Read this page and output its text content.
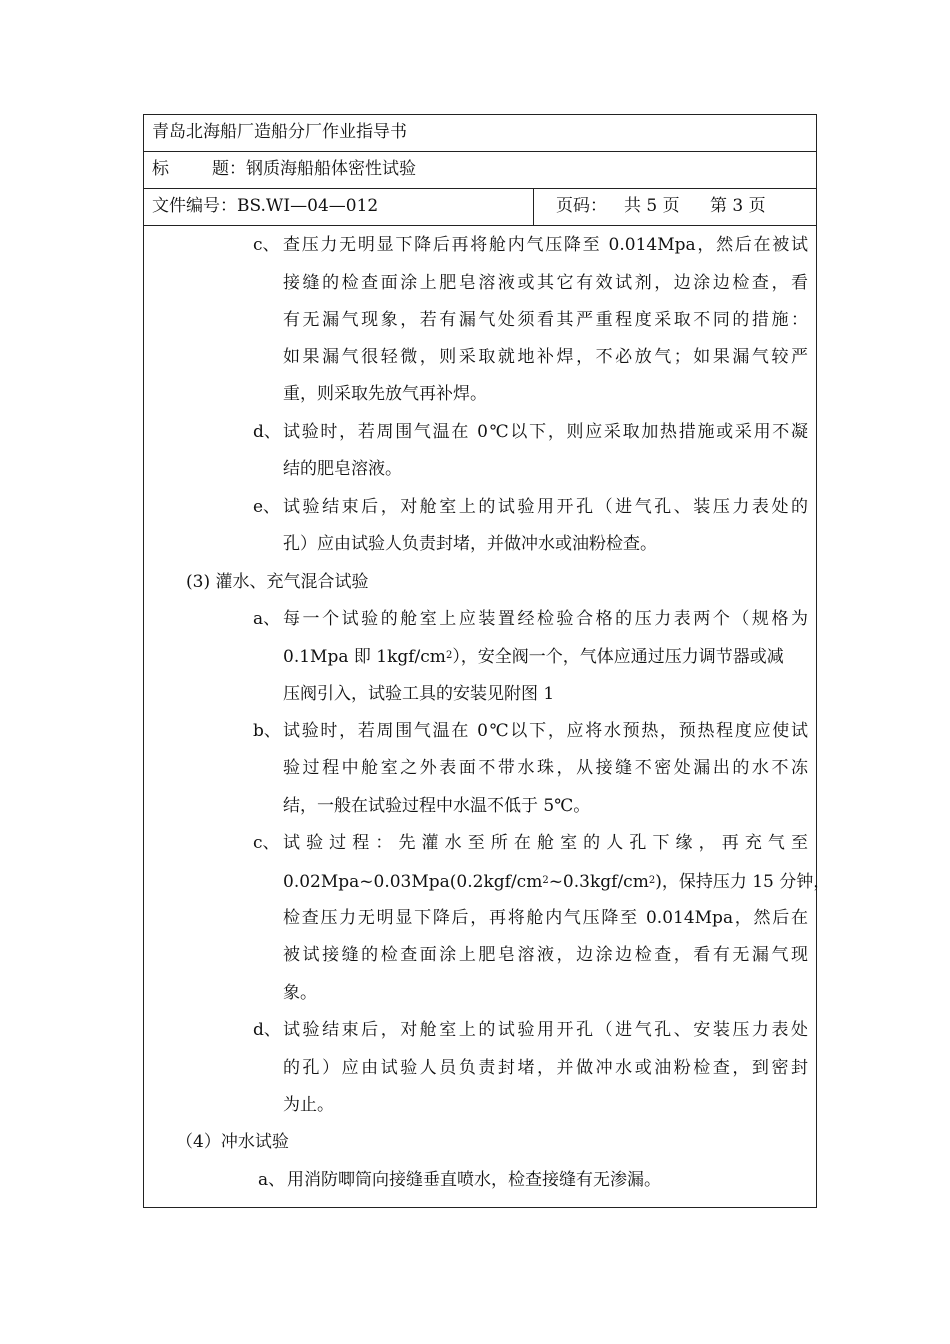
青岛北海船厂造船分厂作业指导书
标	题：钢质海船船体密性试验
文件编号：BS.WI—04—012	页码： 共 5 页 第 3 页
c、 查压力无明显下降后再将舱内气压降至 0.014Mpa，然后在被试
接缝的检查面涂上肥皂溶液或其它有效试剂，边涂边检查，看
有无漏气现象，若有漏气处须看其严重程度采取不同的措施：
如果漏气很轻微，则采取就地补焊，不必放气；如果漏气较严
重，则采取先放气再补焊。
d、 试验时，若周围气温在 0℃以下，则应采取加热措施或采用不凝
结的肥皂溶液。
e、 试验结束后，对舱室上的试验用开孔（进气孔、装压力表处的
孔）应由试验人负责封堵，并做冲水或油粉检查。
(3) 灌水、充气混合试验
a、 每一个试验的舱室上应装置经检验合格的压力表两个（规格为
0.1Mpa 即 $1kgf/cm^2$），安全阀一个，气体应通过压力调节器或减
压阀引入，试验工具的安装见附图 1
b、 试验时，若周围气温在 0℃以下，应将水预热，预热程度应使试
验过程中舱室之外表面不带水珠，从接缝不密处漏出的水不冻
结，一般在试验过程中水温不低于 5℃。
c、 试验过程：先灌水至所在舱室的人孔下缘，再充气至
$0.02Mpa\sim 0.03Mpa(0.2kgf/cm^2\sim 0.3kgf/cm^2)$，保持压力 15 分钟，
检查压力无明显下降后，再将舱内气压降至 0.014Mpa，然后在
被试接缝的检查面涂上肥皂溶液，边涂边检查，看有无漏气现
象。
d、 试验结束后，对舱室上的试验用开孔（进气孔、安装压力表处
的孔）应由试验人员负责封堵，并做冲水或油粉检查，到密封
为止。
（4）冲水试验
a、 用消防唧筒向接缝垂直喷水，检查接缝有无渗漏。
